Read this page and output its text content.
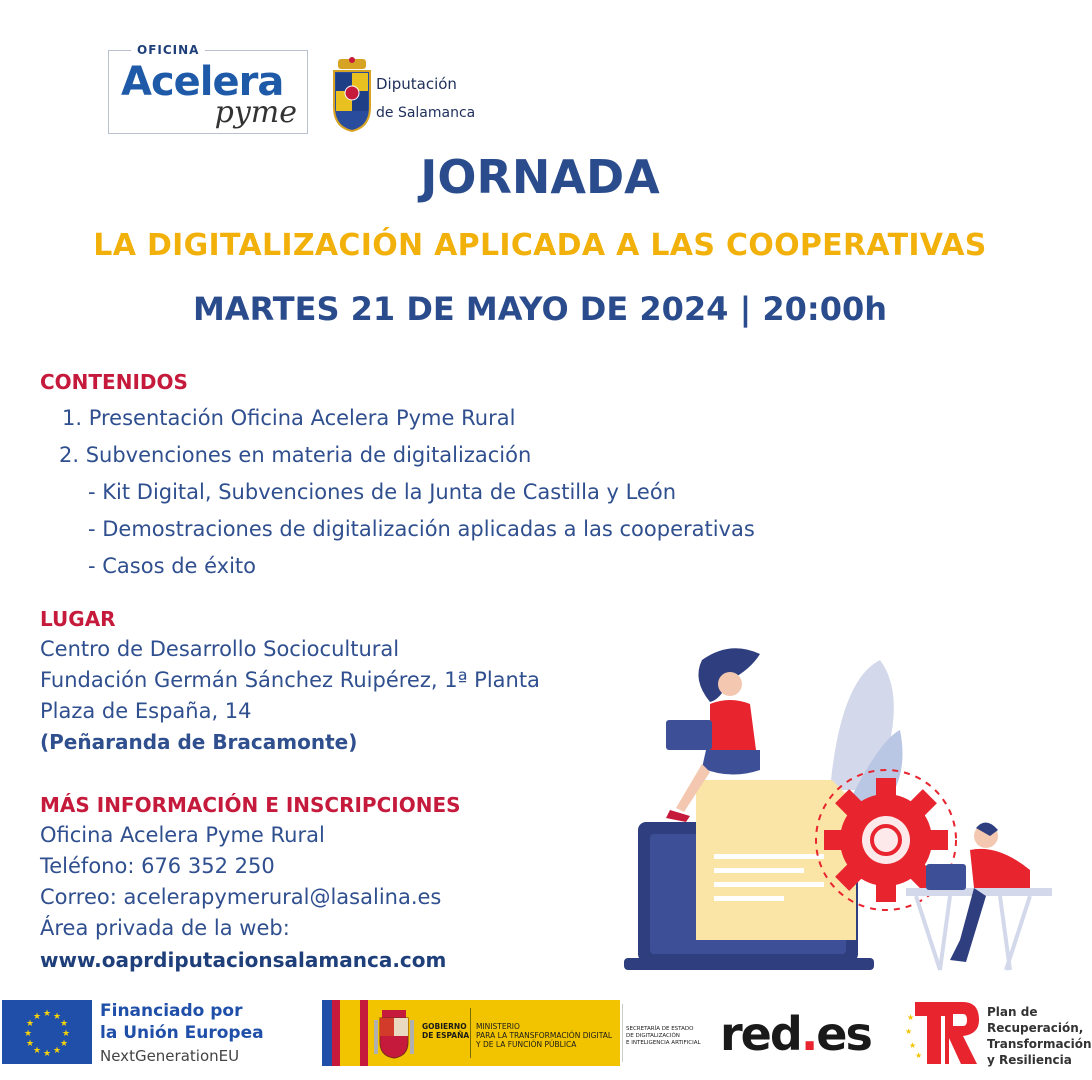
OFICINA
Acelera
pyme
Diputación
de Salamanca
JORNADA
LA DIGITALIZACIÓN APLICADA A LAS COOPERATIVAS
MARTES 21 DE MAYO DE 2024 | 20:00h
CONTENIDOS
1. Presentación Oficina Acelera Pyme Rural
2. Subvenciones en materia de digitalización
- Kit Digital, Subvenciones de la Junta de Castilla y León
- Demostraciones de digitalización aplicadas a las cooperativas
- Casos de éxito
LUGAR
Centro de Desarrollo Sociocultural
Fundación Germán Sánchez Ruipérez, 1ª Planta
Plaza de España, 14
(Peñaranda de Bracamonte)
MÁS INFORMACIÓN E INSCRIPCIONES
Oficina Acelera Pyme Rural
Teléfono: 676 352 250
Correo: acelerapymerural@lasalina.es
Área privada de la web:
www.oaprdiputacionsalamanca.com
★ ★
★
★
★
★
★
★
★
★
★
★	Financiado por
la Unión Europea
NextGenerationEU
GOBIERNO
DE ESPAÑA
MINISTERIO
PARA LA TRANSFORMACIÓN DIGITAL
Y DE LA FUNCIÓN PÚBLICA
SECRETARÍA DE ESTADO
DE DIGITALIZACIÓN
E INTELIGENCIA ARTIFICIAL red.es	★
★
★
★
Plan de
Recuperación,
Transformación
y Resiliencia
